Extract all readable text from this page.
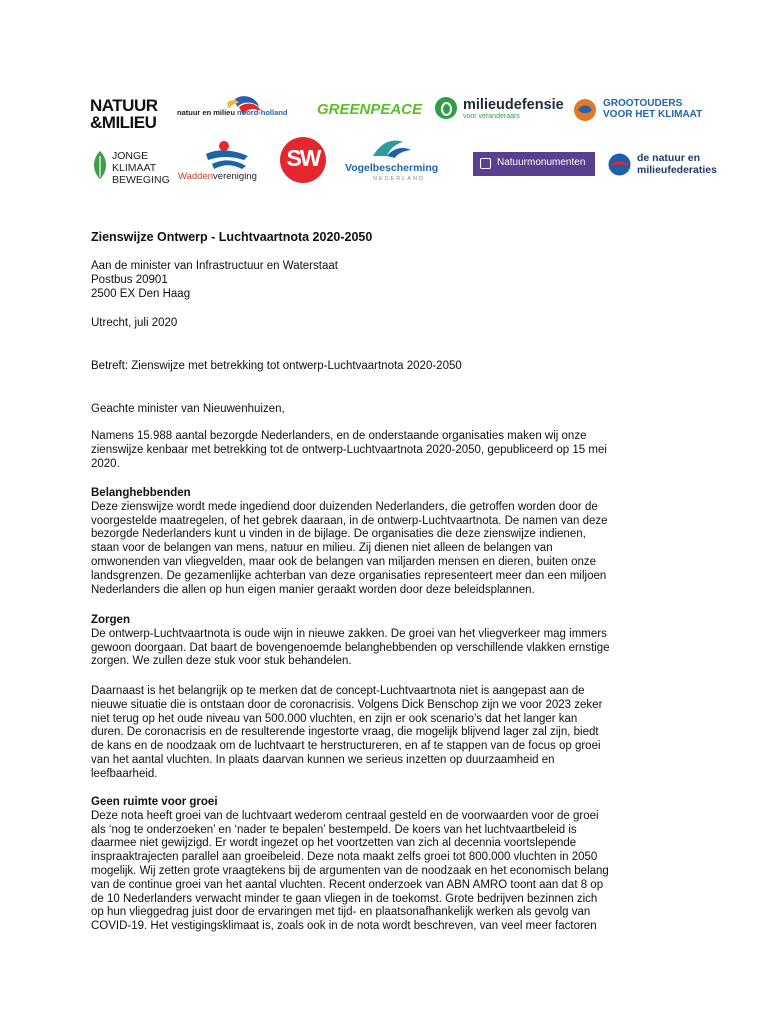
NATUUR
&MILIEU
natuur en milieu noord-holland GREENPEACE	milieudefensie
voor veranderaars
GROOTOUDERS
VOOR HET KLIMAAT
JONGE
KLIMAAT
BEWEGING Waddenvereniging
SW	Vogelbescherming
NEDERLAND
Natuurmonumenten	de natuur en
milieufederaties
Zienswijze Ontwerp - Luchtvaartnota 2020-2050
Aan de minister van Infrastructuur en Waterstaat
Postbus 20901
2500 EX Den Haag
Utrecht, juli 2020
Betreft: Zienswijze met betrekking tot ontwerp-Luchtvaartnota 2020-2050
Geachte minister van Nieuwenhuizen,

Namens 15.988 aantal bezorgde Nederlanders, en de onderstaande organisaties maken wij onze

zienswijze kenbaar met betrekking tot de ontwerp-Luchtvaartnota 2020-2050, gepubliceerd op 15 mei

2020.

Belanghebbenden

Deze zienswijze wordt mede ingediend door duizenden Nederlanders, die getroffen worden door de

voorgestelde maatregelen, of het gebrek daaraan, in de ontwerp-Luchtvaartnota. De namen van deze

bezorgde Nederlanders kunt u vinden in de bijlage. De organisaties die deze zienswijze indienen,

staan voor de belangen van mens, natuur en milieu. Zij dienen niet alleen de belangen van

omwonenden van vliegvelden, maar ook de belangen van miljarden mensen en dieren, buiten onze

landsgrenzen. De gezamenlijke achterban van deze organisaties representeert meer dan een miljoen

Nederlanders die allen op hun eigen manier geraakt worden door deze beleidsplannen.

Zorgen

De ontwerp-Luchtvaartnota is oude wijn in nieuwe zakken. De groei van het vliegverkeer mag immers

gewoon doorgaan. Dat baart de bovengenoemde belanghebbenden op verschillende vlakken ernstige

zorgen. We zullen deze stuk voor stuk behandelen.

Daarnaast is het belangrijk op te merken dat de concept-Luchtvaartnota niet is aangepast aan de

nieuwe situatie die is ontstaan door de coronacrisis. Volgens Dick Benschop zijn we voor 2023 zeker

niet terug op het oude niveau van 500.000 vluchten, en zijn er ook scenario’s dat het langer kan

duren. De coronacrisis en de resulterende ingestorte vraag, die mogelijk blijvend lager zal zijn, biedt

de kans en de noodzaak om de luchtvaart te herstructureren, en af te stappen van de focus op groei

van het aantal vluchten. In plaats daarvan kunnen we serieus inzetten op duurzaamheid en

leefbaarheid.

Geen ruimte voor groei

Deze nota heeft groei van de luchtvaart wederom centraal gesteld en de voorwaarden voor de groei

als ‘nog te onderzoeken’ en ‘nader te bepalen’ bestempeld. De koers van het luchtvaartbeleid is

daarmee niet gewijzigd. Er wordt ingezet op het voortzetten van zich al decennia voortslepende

inspraaktrajecten parallel aan groeibeleid. Deze nota maakt zelfs groei tot 800.000 vluchten in 2050

mogelijk. Wij zetten grote vraagtekens bij de argumenten van de noodzaak en het economisch belang

van de continue groei van het aantal vluchten. Recent onderzoek van ABN AMRO toont aan dat 8 op

de 10 Nederlanders verwacht minder te gaan vliegen in de toekomst. Grote bedrijven bezinnen zich

op hun vlieggedrag juist door de ervaringen met tijd- en plaatsonafhankelijk werken als gevolg van

COVID-19. Het vestigingsklimaat is, zoals ook in de nota wordt beschreven, van veel meer factoren
